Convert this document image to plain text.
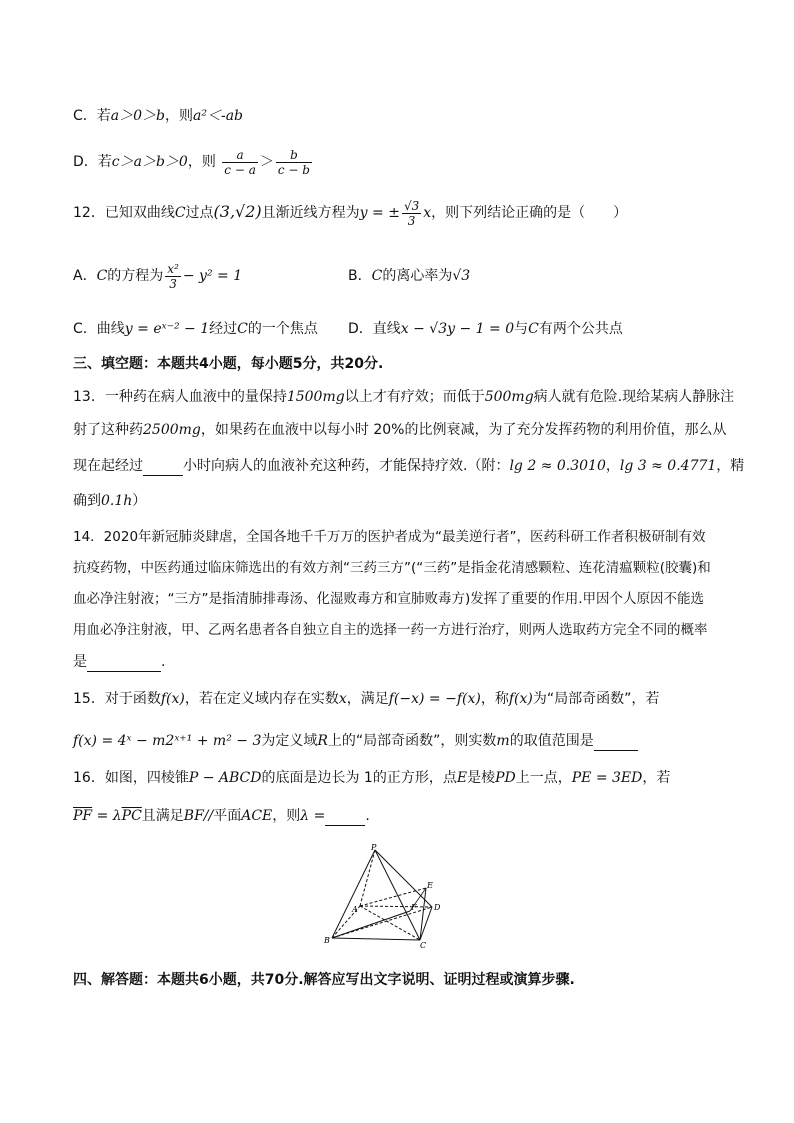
C．若a＞0＞b，则a²＜-ab
D．若c＞a＞b＞0，则 $\frac{a}{c - a} > \frac{b}{c - b}$
12．已知双曲线C过点(3,√2)且渐近线方程为y = ± $\frac{√3}{3}$ x，则下列结论正确的是（　　）
A．C的方程为 $\frac{\text{x²}}{3} - y^2 = 1$	B．C的离心率为√3
C．曲线y = eˣ⁻² − 1经过C的一个焦点 D．直线x − √3y − 1 = 0与C有两个公共点
三、填空题：本题共4小题，每小题5分，共20分.
13．一种药在病人血液中的量保持1500mg以上才有疗效；而低于500mg病人就有危险.现给某病人静脉注
射了这种药2500mg，如果药在血液中以每小时 20%的比例衰减，为了充分发挥药物的利用价值，那么从
现在起经过	小时向病人的血液补充这种药，才能保持疗效.（附：lg 2 ≈ 0.3010，lg 3 ≈ 0.4771，精
确到0.1h）
14．2020年新冠肺炎肆虐，全国各地千千万万的医护者成为“最美逆行者”，医药科研工作者积极研制有效
抗疫药物，中医药通过临床筛选出的有效方剂“三药三方”(“三药”是指金花清感颗粒、连花清瘟颗粒(胶囊)和
血必净注射液；“三方”是指清肺排毒汤、化湿败毒方和宣肺败毒方)发挥了重要的作用.甲因个人原因不能选
用血必净注射液，甲、乙两名患者各自独立自主的选择一药一方进行治疗，则两人选取药方完全不同的概率
是	.
15．对于函数f(x)，若在定义域内存在实数x，满足f(−x) = −f(x)，称f(x)为“局部奇函数”，若
f(x) = 4ˣ − m2ˣ⁺¹ + m² − 3为定义域R上的“局部奇函数”，则实数m的取值范围是
16．如图，四棱锥P − ABCD的底面是边长为 1的正方形，点E是棱PD上一点，PE = 3ED，若
$\overline{PF} = \lambda\overline{PC}$且满足BF//平面ACE，则λ =	.
P
A
B
C
D
E
F
四、解答题：本题共6小题，共70分.解答应写出文字说明、证明过程或演算步骤.
